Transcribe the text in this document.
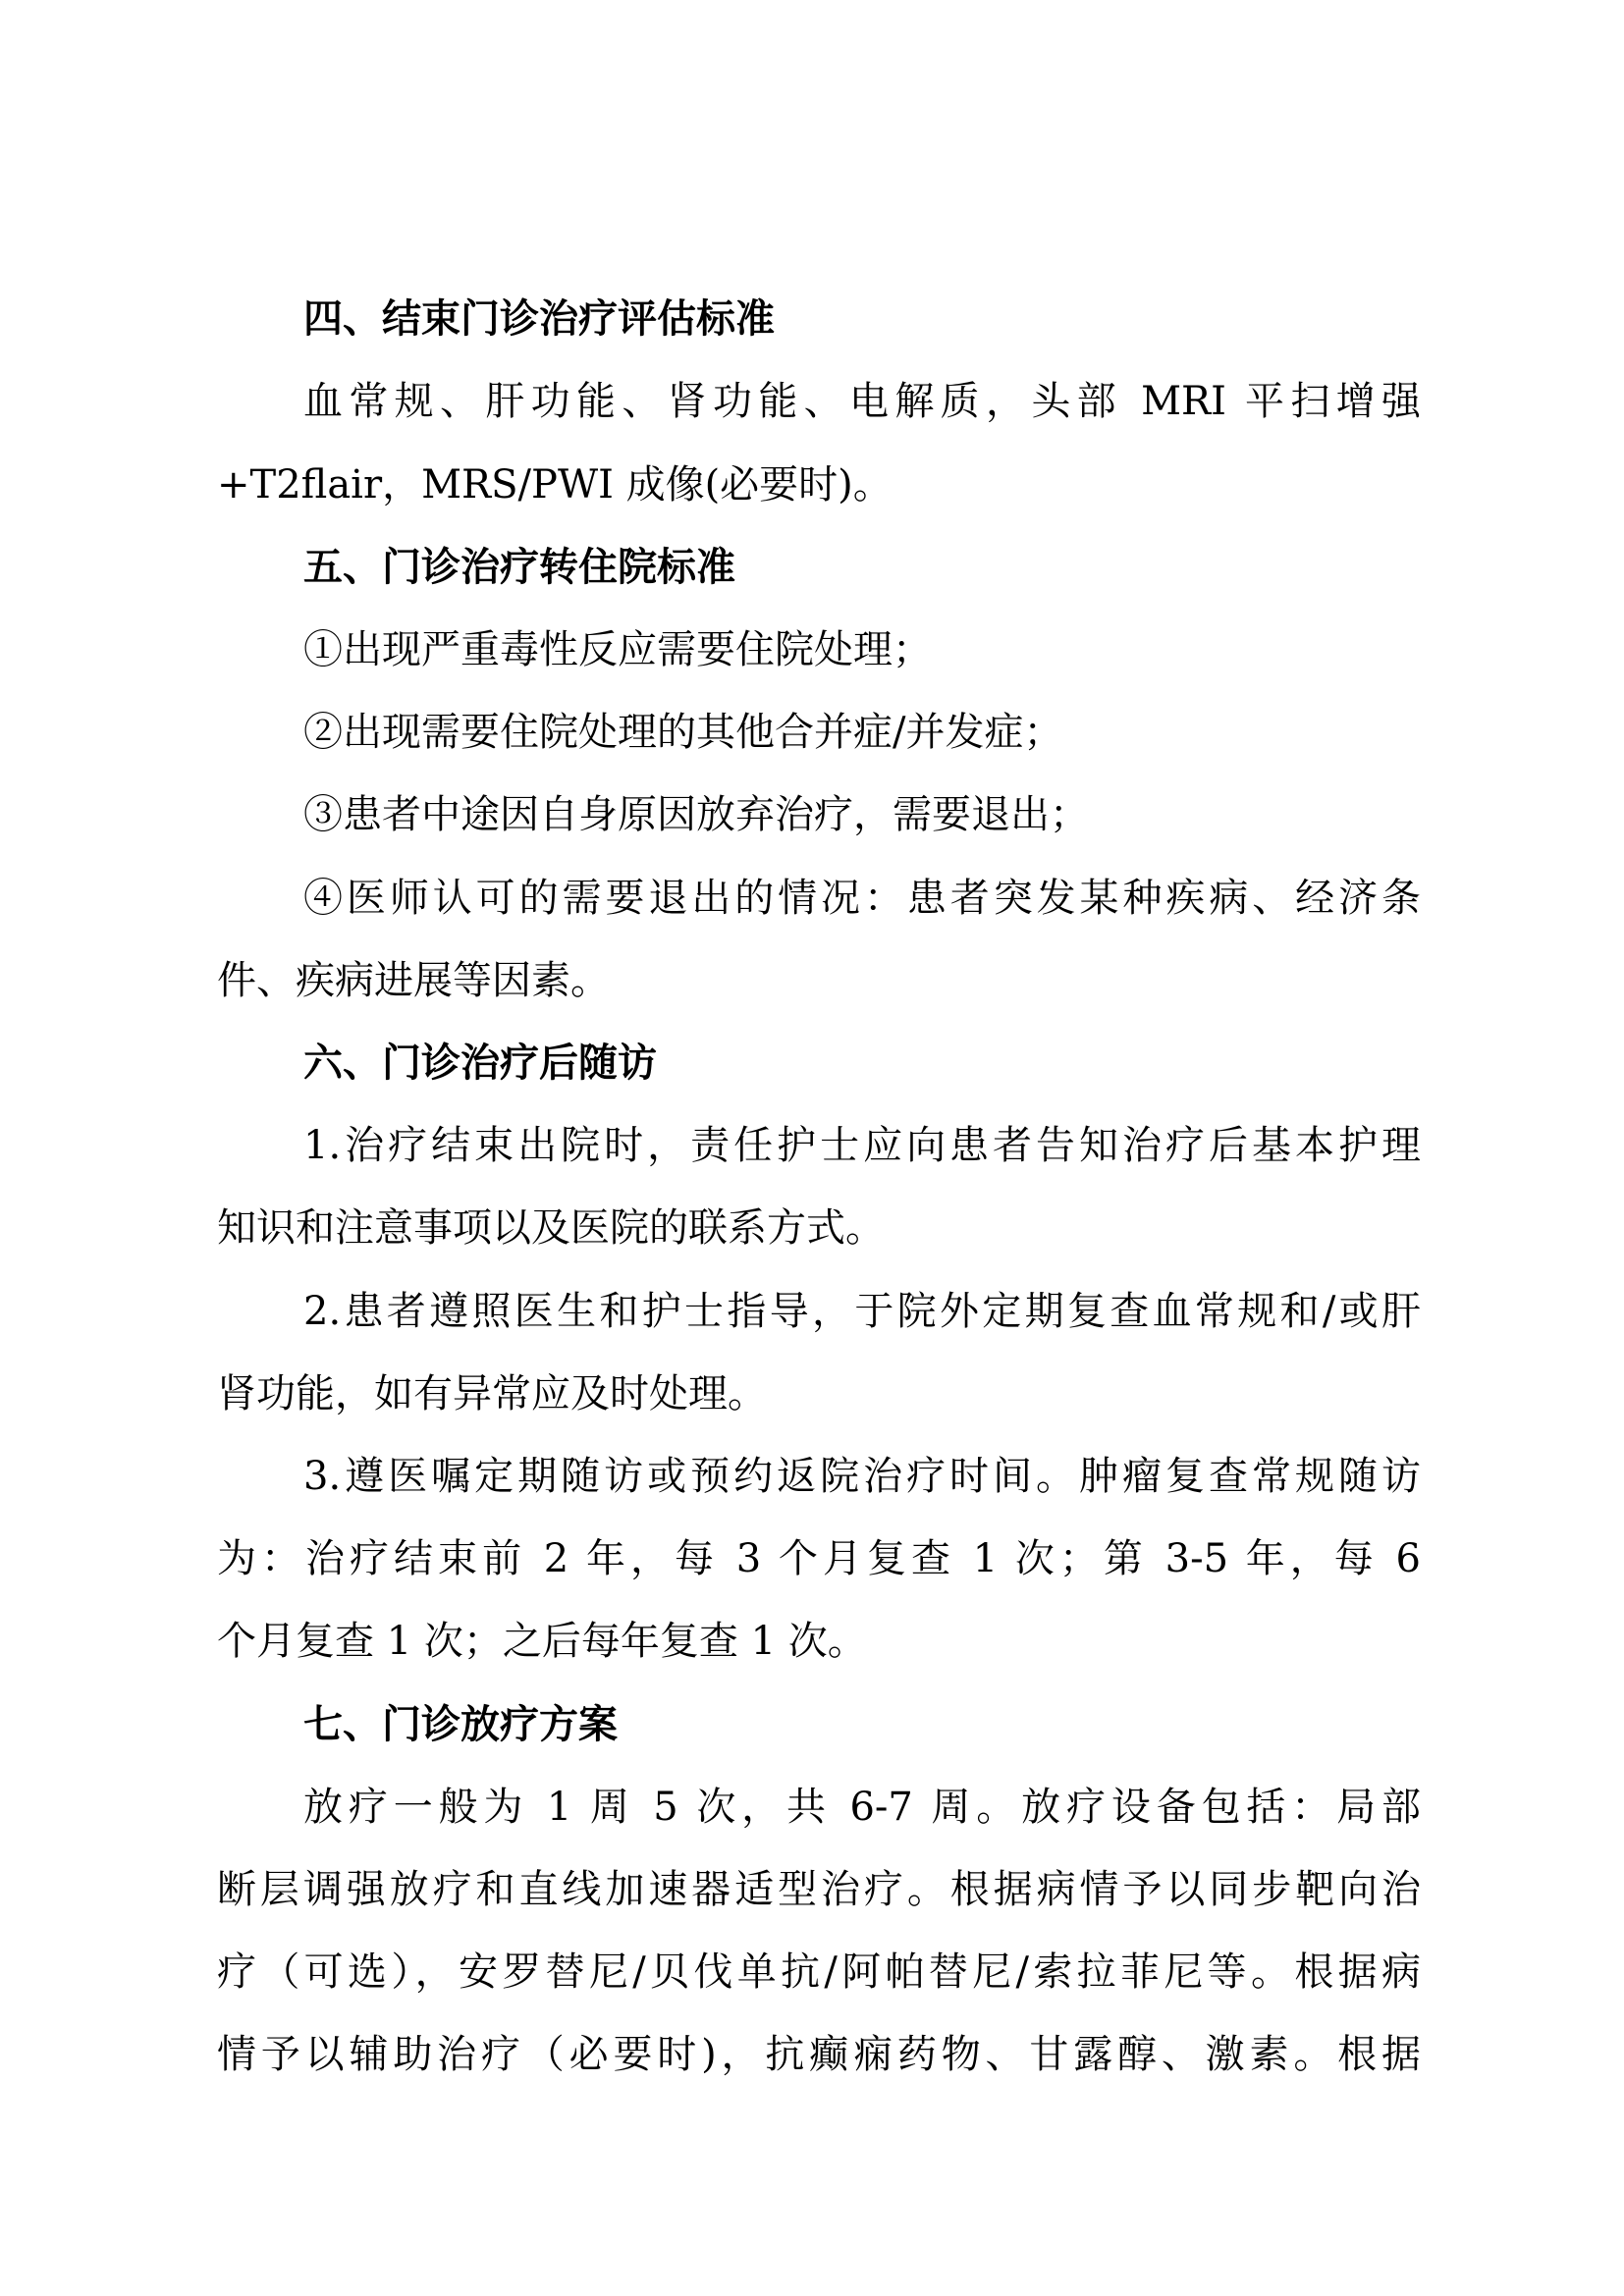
四、结束门诊治疗评估标准
血常规、肝功能、肾功能、电解质，头部 MRI 平扫增强
+T2flair，MRS/PWI 成像(必要时)。
五、门诊治疗转住院标准
①出现严重毒性反应需要住院处理；
②出现需要住院处理的其他合并症/并发症；
③患者中途因自身原因放弃治疗，需要退出；
④医师认可的需要退出的情况：患者突发某种疾病、经济条
件、疾病进展等因素。
六、门诊治疗后随访
1.治疗结束出院时，责任护士应向患者告知治疗后基本护理
知识和注意事项以及医院的联系方式。
2.患者遵照医生和护士指导，于院外定期复查血常规和/或肝
肾功能，如有异常应及时处理。
3.遵医嘱定期随访或预约返院治疗时间。肿瘤复查常规随访
为：治疗结束前 2 年，每 3 个月复查 1 次；第 3-5 年，每 6
个月复查 1 次；之后每年复查 1 次。
七、门诊放疗方案
放疗一般为 1 周 5 次，共 6-7 周。放疗设备包括：局部
断层调强放疗和直线加速器适型治疗。根据病情予以同步靶向治
疗（可选），安罗替尼/贝伐单抗/阿帕替尼/索拉菲尼等。根据病
情予以辅助治疗（必要时)，抗癫痫药物、甘露醇、激素。根据
